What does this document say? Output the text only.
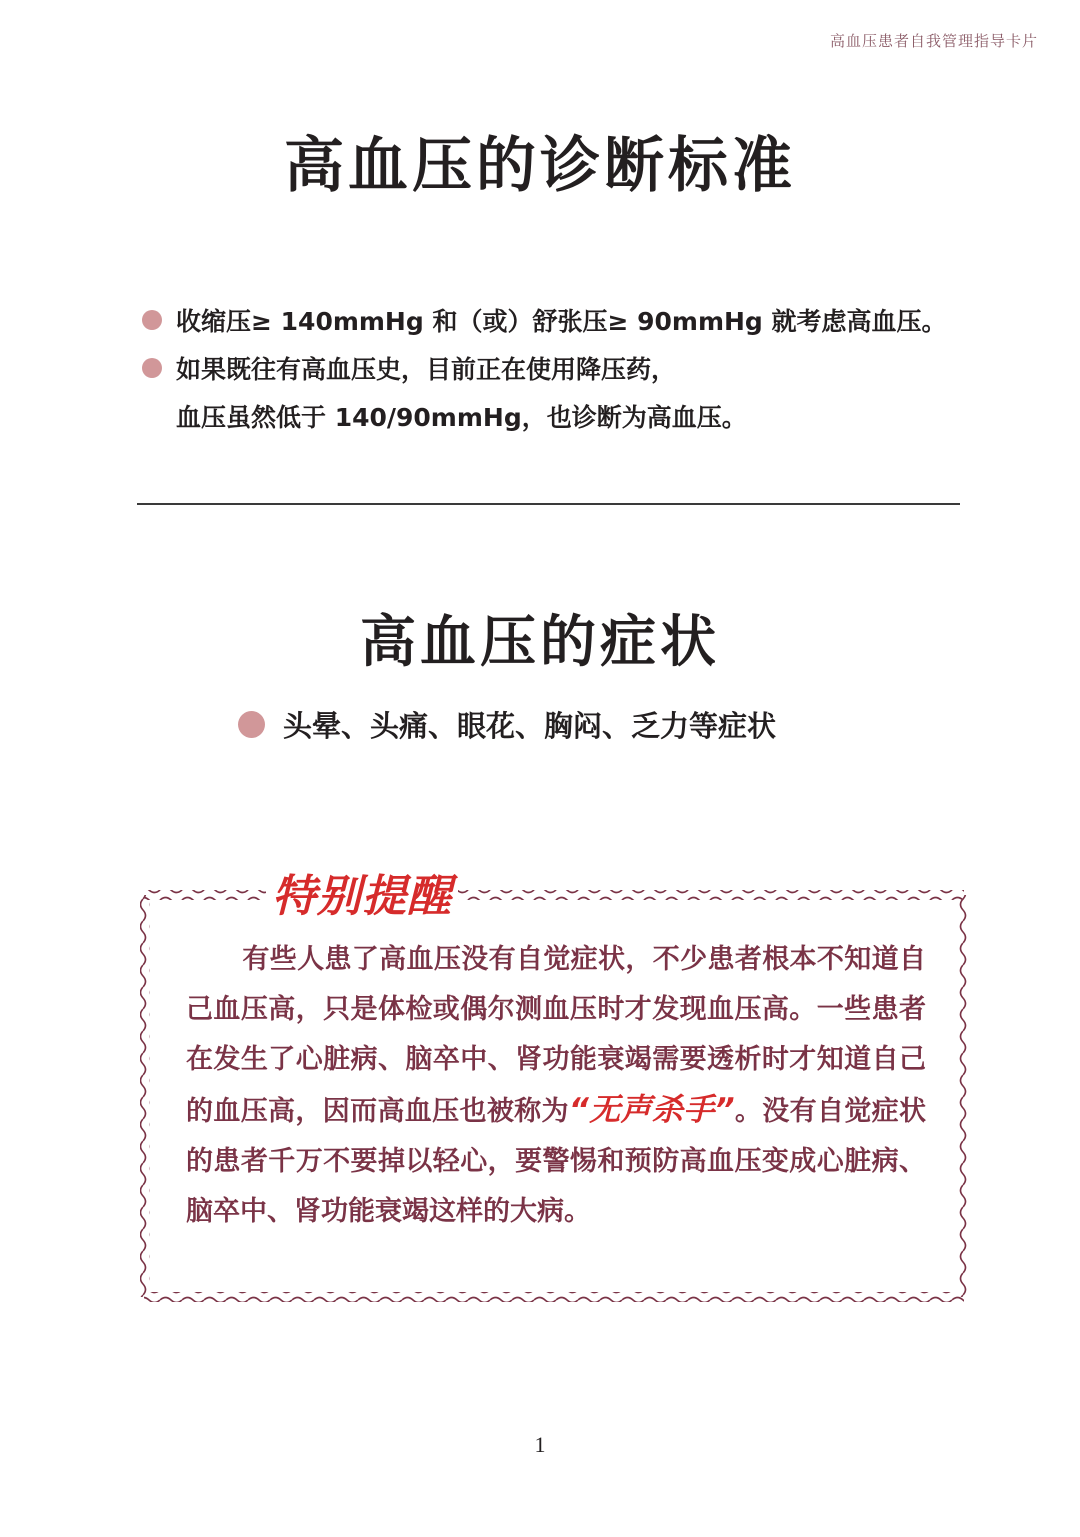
高血压患者自我管理指导卡片
高血压的诊断标准
收缩压≥ 140mmHg 和（或）舒张压≥ 90mmHg 就考虑高血压。
如果既往有高血压史，目前正在使用降压药，
血压虽然低于 140/90mmHg，也诊断为高血压。
高血压的症状
头晕、头痛、眼花、胸闷、乏力等症状
特别提醒
有些人患了高血压没有自觉症状，不少患者根本不知道自己血压高，只是体检或偶尔测血压时才发现血压高。一些患者在发生了心脏病、脑卒中、肾功能衰竭需要透析时才知道自己的血压高，因而高血压也被称为“无声杀手”。没有自觉症状的患者千万不要掉以轻心，要警惕和预防高血压变成心脏病、脑卒中、肾功能衰竭这样的大病。
1
